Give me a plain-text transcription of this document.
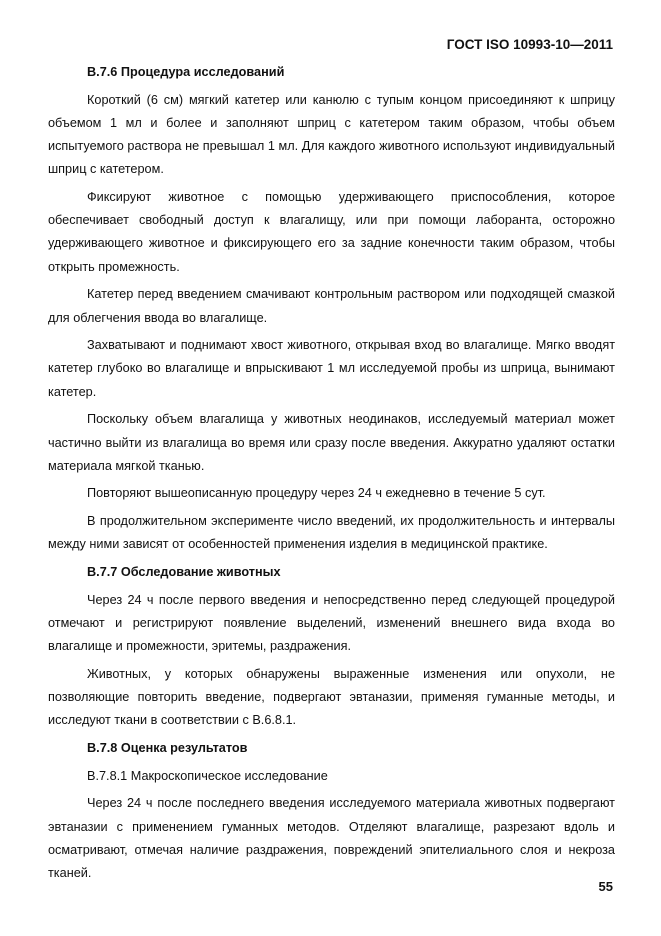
ГОСТ ISO 10993-10—2011
В.7.6 Процедура исследований

Короткий (6 см) мягкий катетер или канюлю с тупым концом присоединяют к шприцу объемом 1 мл и более и заполняют шприц с катетером таким образом, чтобы объем испытуемого раствора не превышал 1 мл. Для каждого животного используют индивидуальный шприц с катетером.

Фиксируют животное с помощью удерживающего приспособления, которое обеспечивает свободный доступ к влагалищу, или при помощи лаборанта, осторожно удерживающего животное и фиксирующего его за задние конечности таким образом, чтобы открыть промежность.

Катетер перед введением смачивают контрольным раствором или подходящей смазкой для облегчения ввода во влагалище.

Захватывают и поднимают хвост животного, открывая вход во влагалище. Мягко вводят катетер глубоко во влагалище и впрыскивают 1 мл исследуемой пробы из шприца, вынимают катетер.

Поскольку объем влагалища у животных неодинаков, исследуемый материал может частично выйти из влагалища во время или сразу после введения. Аккуратно удаляют остатки материала мягкой тканью.

Повторяют вышеописанную процедуру через 24 ч ежедневно в течение 5 сут.

В продолжительном эксперименте число введений, их продолжительность и интервалы между ними зависят от особенностей применения изделия в медицинской практике.

В.7.7 Обследование животных

Через 24 ч после первого введения и непосредственно перед следующей процедурой отмечают и регистрируют появление выделений, изменений внешнего вида входа во влагалище и промежности, эритемы, раздражения.

Животных, у которых обнаружены выраженные изменения или опухоли, не позволяющие повторить введение, подвергают эвтаназии, применяя гуманные методы, и исследуют ткани в соответствии с В.6.8.1.

В.7.8 Оценка результатов
В.7.8.1 Макроскопическое исследование

Через 24 ч после последнего введения исследуемого материала животных подвергают эвтаназии с применением гуманных методов. Отделяют влагалище, разрезают вдоль и осматривают, отмечая наличие раздражения, повреждений эпителиального слоя и некроза тканей.

55
